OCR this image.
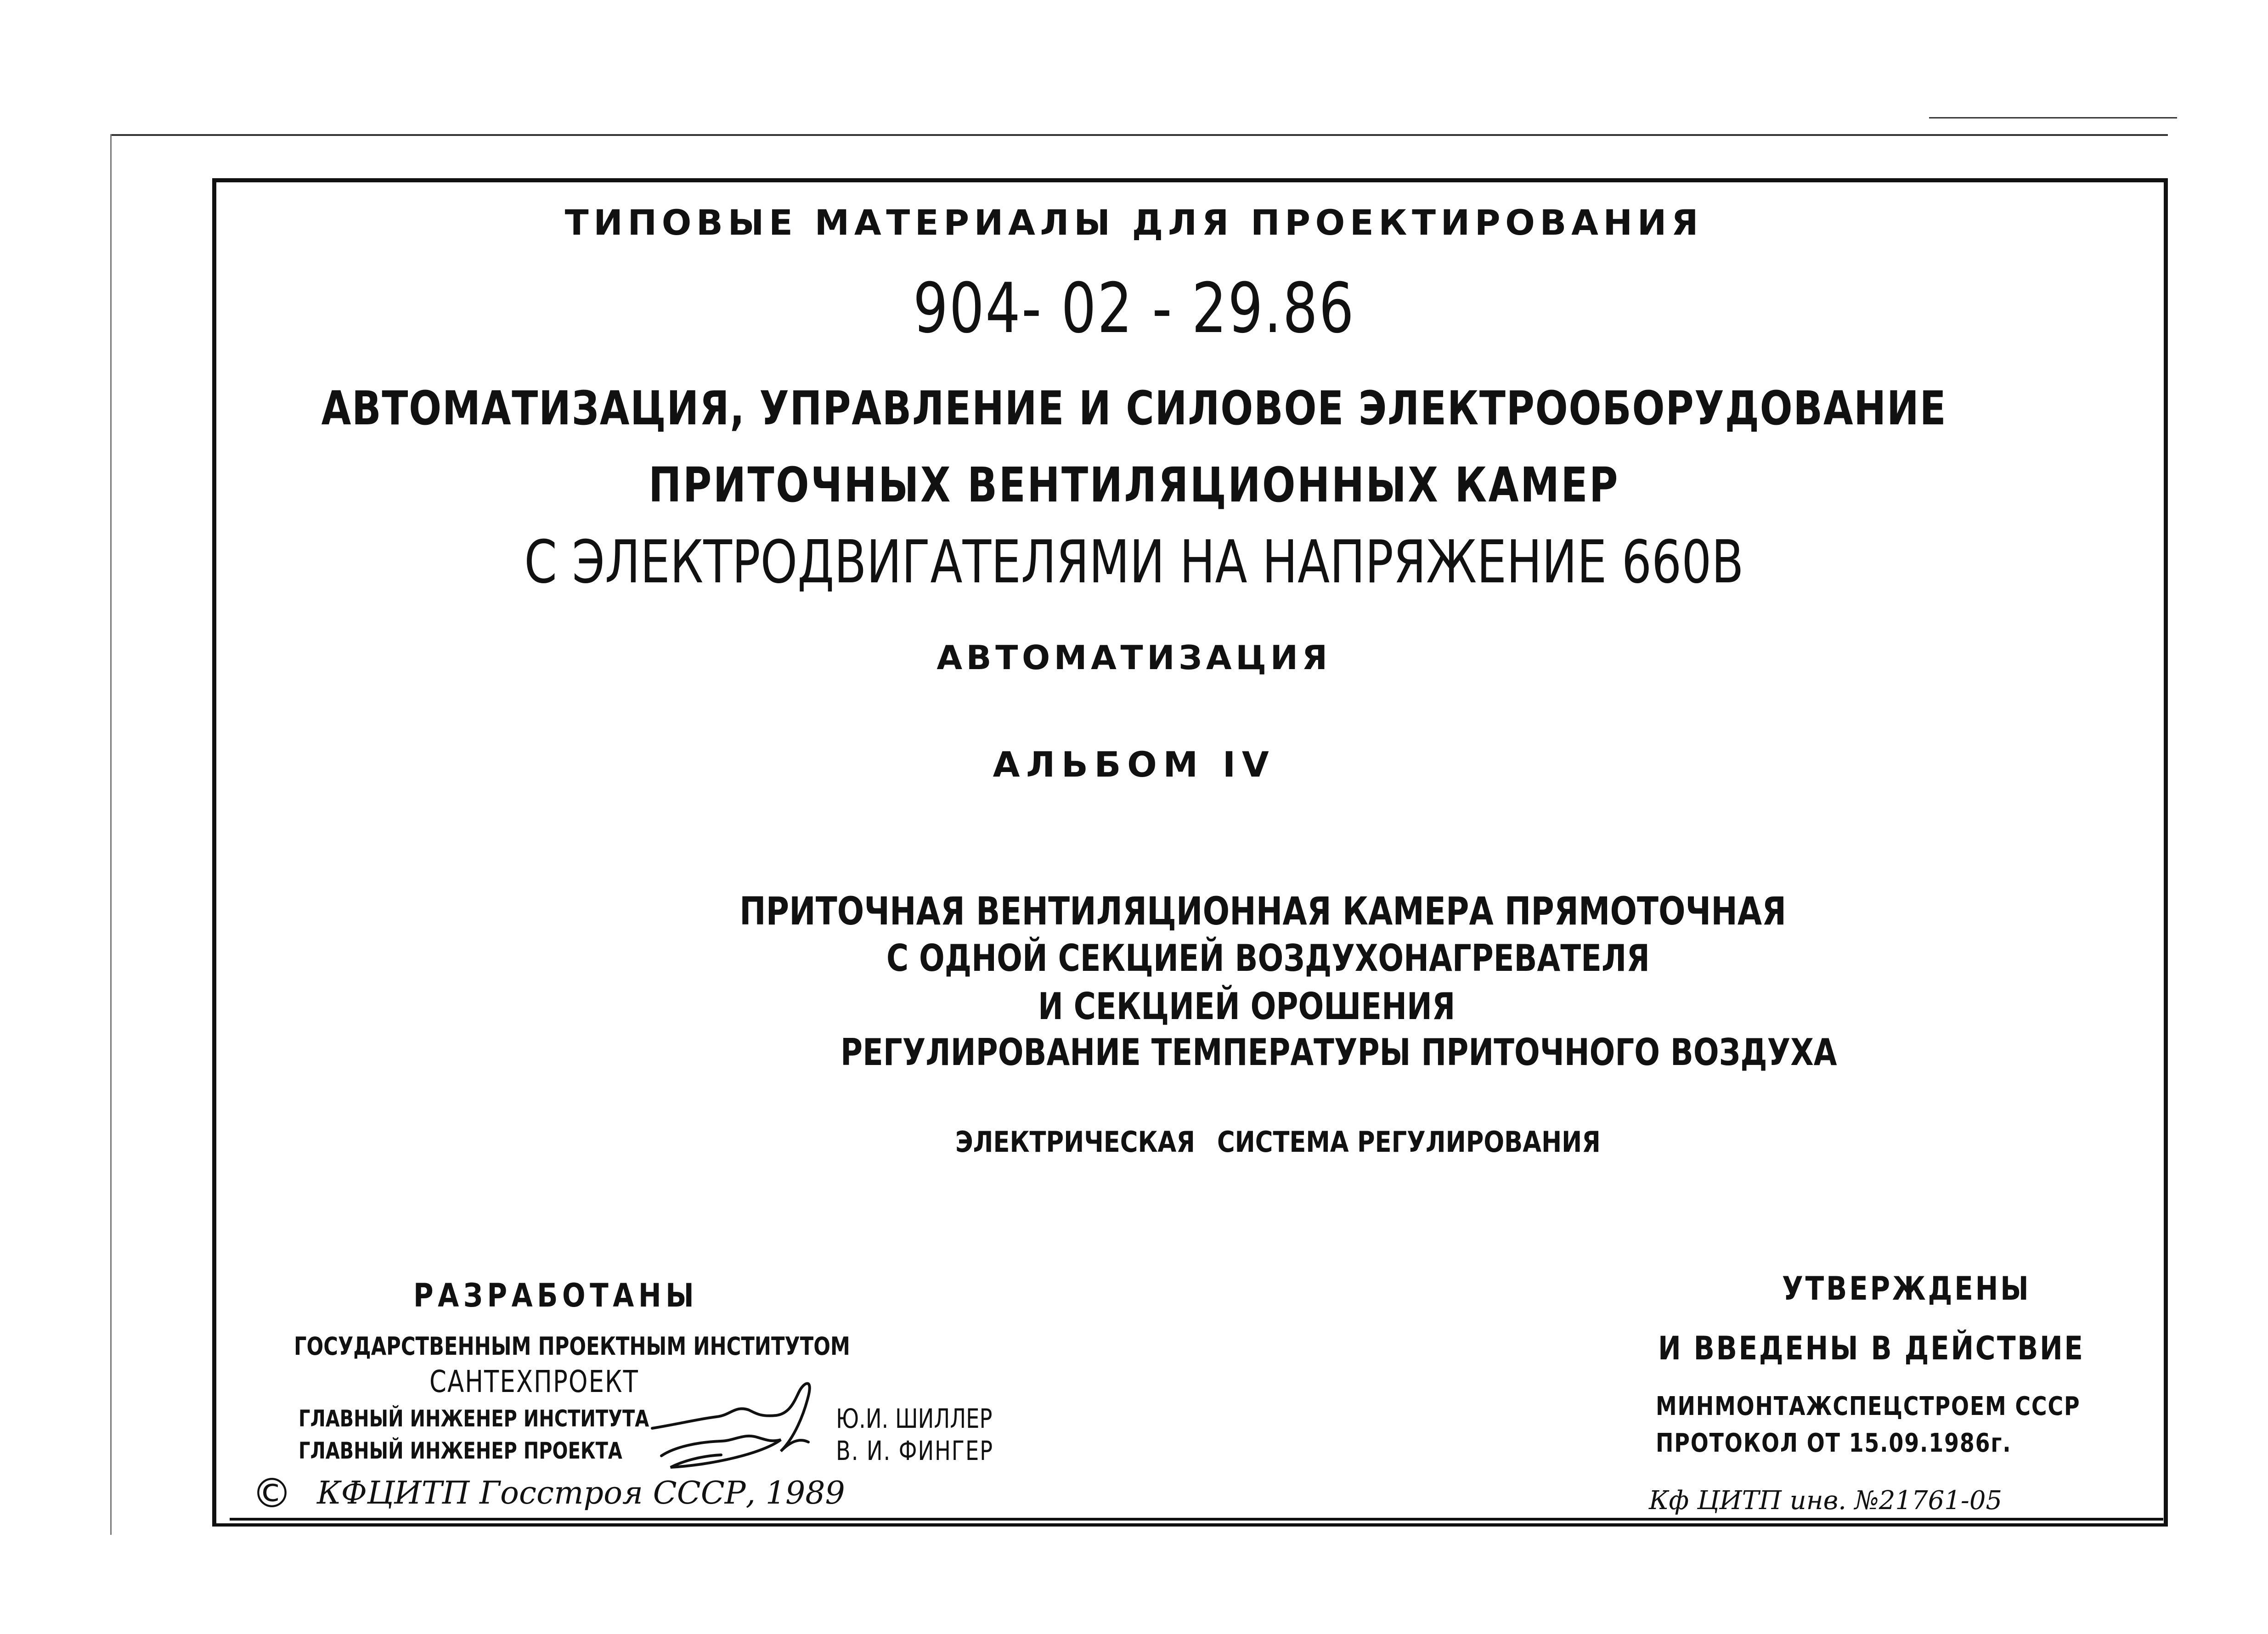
ТИПОВЫЕ МАТЕРИАЛЫ ДЛЯ ПРОЕКТИРОВАНИЯ
904- 02 - 29.86
АВТОМАТИЗАЦИЯ, УПРАВЛЕНИЕ И СИЛОВОЕ ЭЛЕКТРООБОРУДОВАНИЕ
ПРИТОЧНЫХ ВЕНТИЛЯЦИОННЫХ КАМЕР
С ЭЛЕКТРОДВИГАТЕЛЯМИ НА НАПРЯЖЕНИЕ 660В
АВТОМАТИЗАЦИЯ
АЛЬБОМ IV
ПРИТОЧНАЯ ВЕНТИЛЯЦИОННАЯ КАМЕРА ПРЯМОТОЧНАЯ
С ОДНОЙ СЕКЦИЕЙ ВОЗДУХОНАГРЕВАТЕЛЯ
И СЕКЦИЕЙ ОРОШЕНИЯ
РЕГУЛИРОВАНИЕ ТЕМПЕРАТУРЫ ПРИТОЧНОГО ВОЗДУХА
ЭЛЕКТРИЧЕСКАЯ СИСТЕМА РЕГУЛИРОВАНИЯ
РАЗРАБОТАНЫ
ГОСУДАРСТВЕННЫМ ПРОЕКТНЫМ ИНСТИТУТОМ
САНТЕХПРОЕКТ
ГЛАВНЫЙ ИНЖЕНЕР ИНСТИТУТА
ГЛАВНЫЙ ИНЖЕНЕР ПРОЕКТА
Ю.И. ШИЛЛЕР
В. И. ФИНГЕР
УТВЕРЖДЕНЫ
И ВВЕДЕНЫ В ДЕЙСТВИЕ
МИНМОНТАЖСПЕЦСТРОЕМ СССР
ПРОТОКОЛ ОТ 15.09.1986г.
© КФЦИТП Госстроя СССР, 1989	Кф ЦИТП инв. №21761-05
